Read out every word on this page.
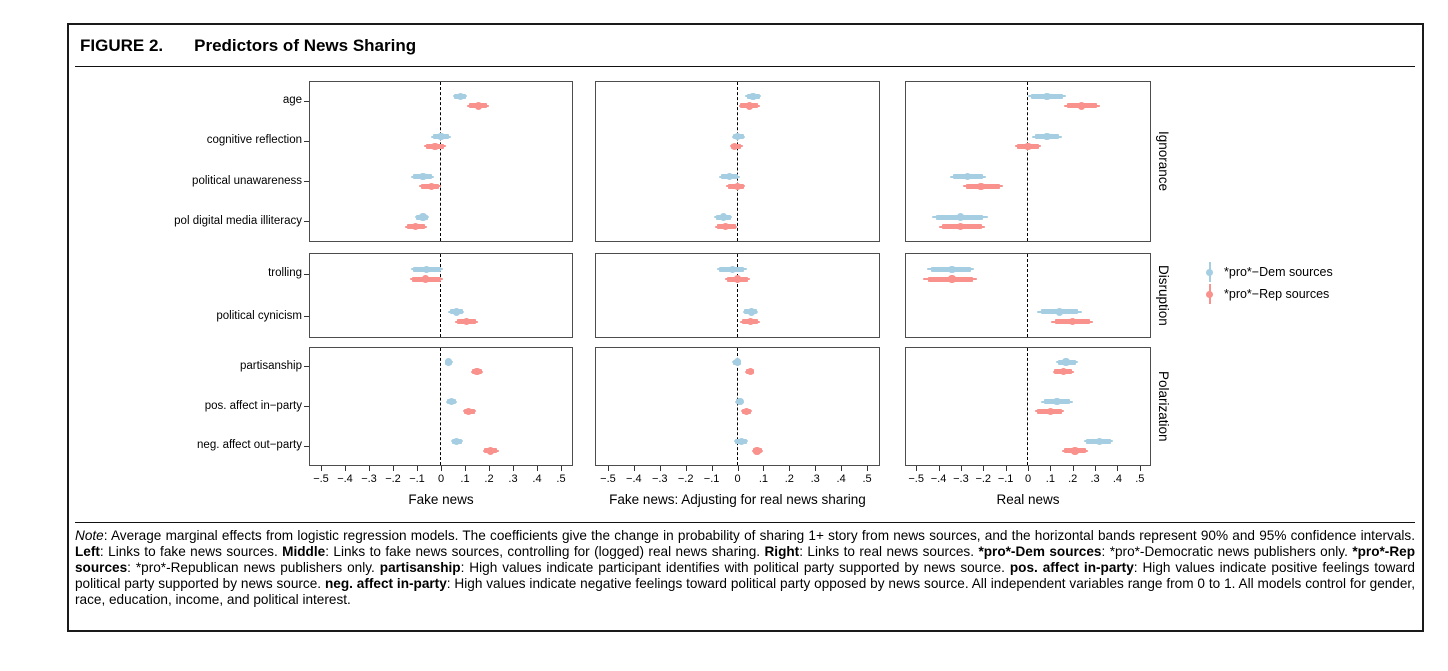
FIGURE 2. Predictors of News Sharing
age
cognitive reflection
political unawareness
pol digital media illiteracy
Ignorance
trolling
political cynicism	Disruption
partisanship
pos. affect in−party
neg. affect out−party
−.5 −.4 −.3 −.2 −.1	0	.1	.2	.3	.4	.5
Fake news
−.5 −.4 −.3 −.2 −.1	0	.1	.2	.3	.4	.5
Fake news: Adjusting for real news sharing
−.5 −.4 −.3 −.2 −.1	0	.1	.2	.3	.4	.5
Real news
Polarization
*pro*−Dem sources
*pro*−Rep sources
Note: Average marginal effects from logistic regression models. The coefficients give the change in probability of sharing 1+ story from news sources, and the horizontal bands represent 90% and 95% confidence intervals. Left: Links to fake news sources. Middle: Links to fake news sources, controlling for (logged) real news sharing. Right: Links to real news sources. *pro*-Dem sources: *pro*-Democratic news publishers only. *pro*-Rep sources: *pro*-Republican news publishers only. partisanship: High values indicate participant identifies with political party supported by news source. pos. affect in-party: High values indicate positive feelings toward political party supported by news source. neg. affect in-party: High values indicate negative feelings toward political party opposed by news source. All independent variables range from 0 to 1. All models control for gender, race, education, income, and political interest.
